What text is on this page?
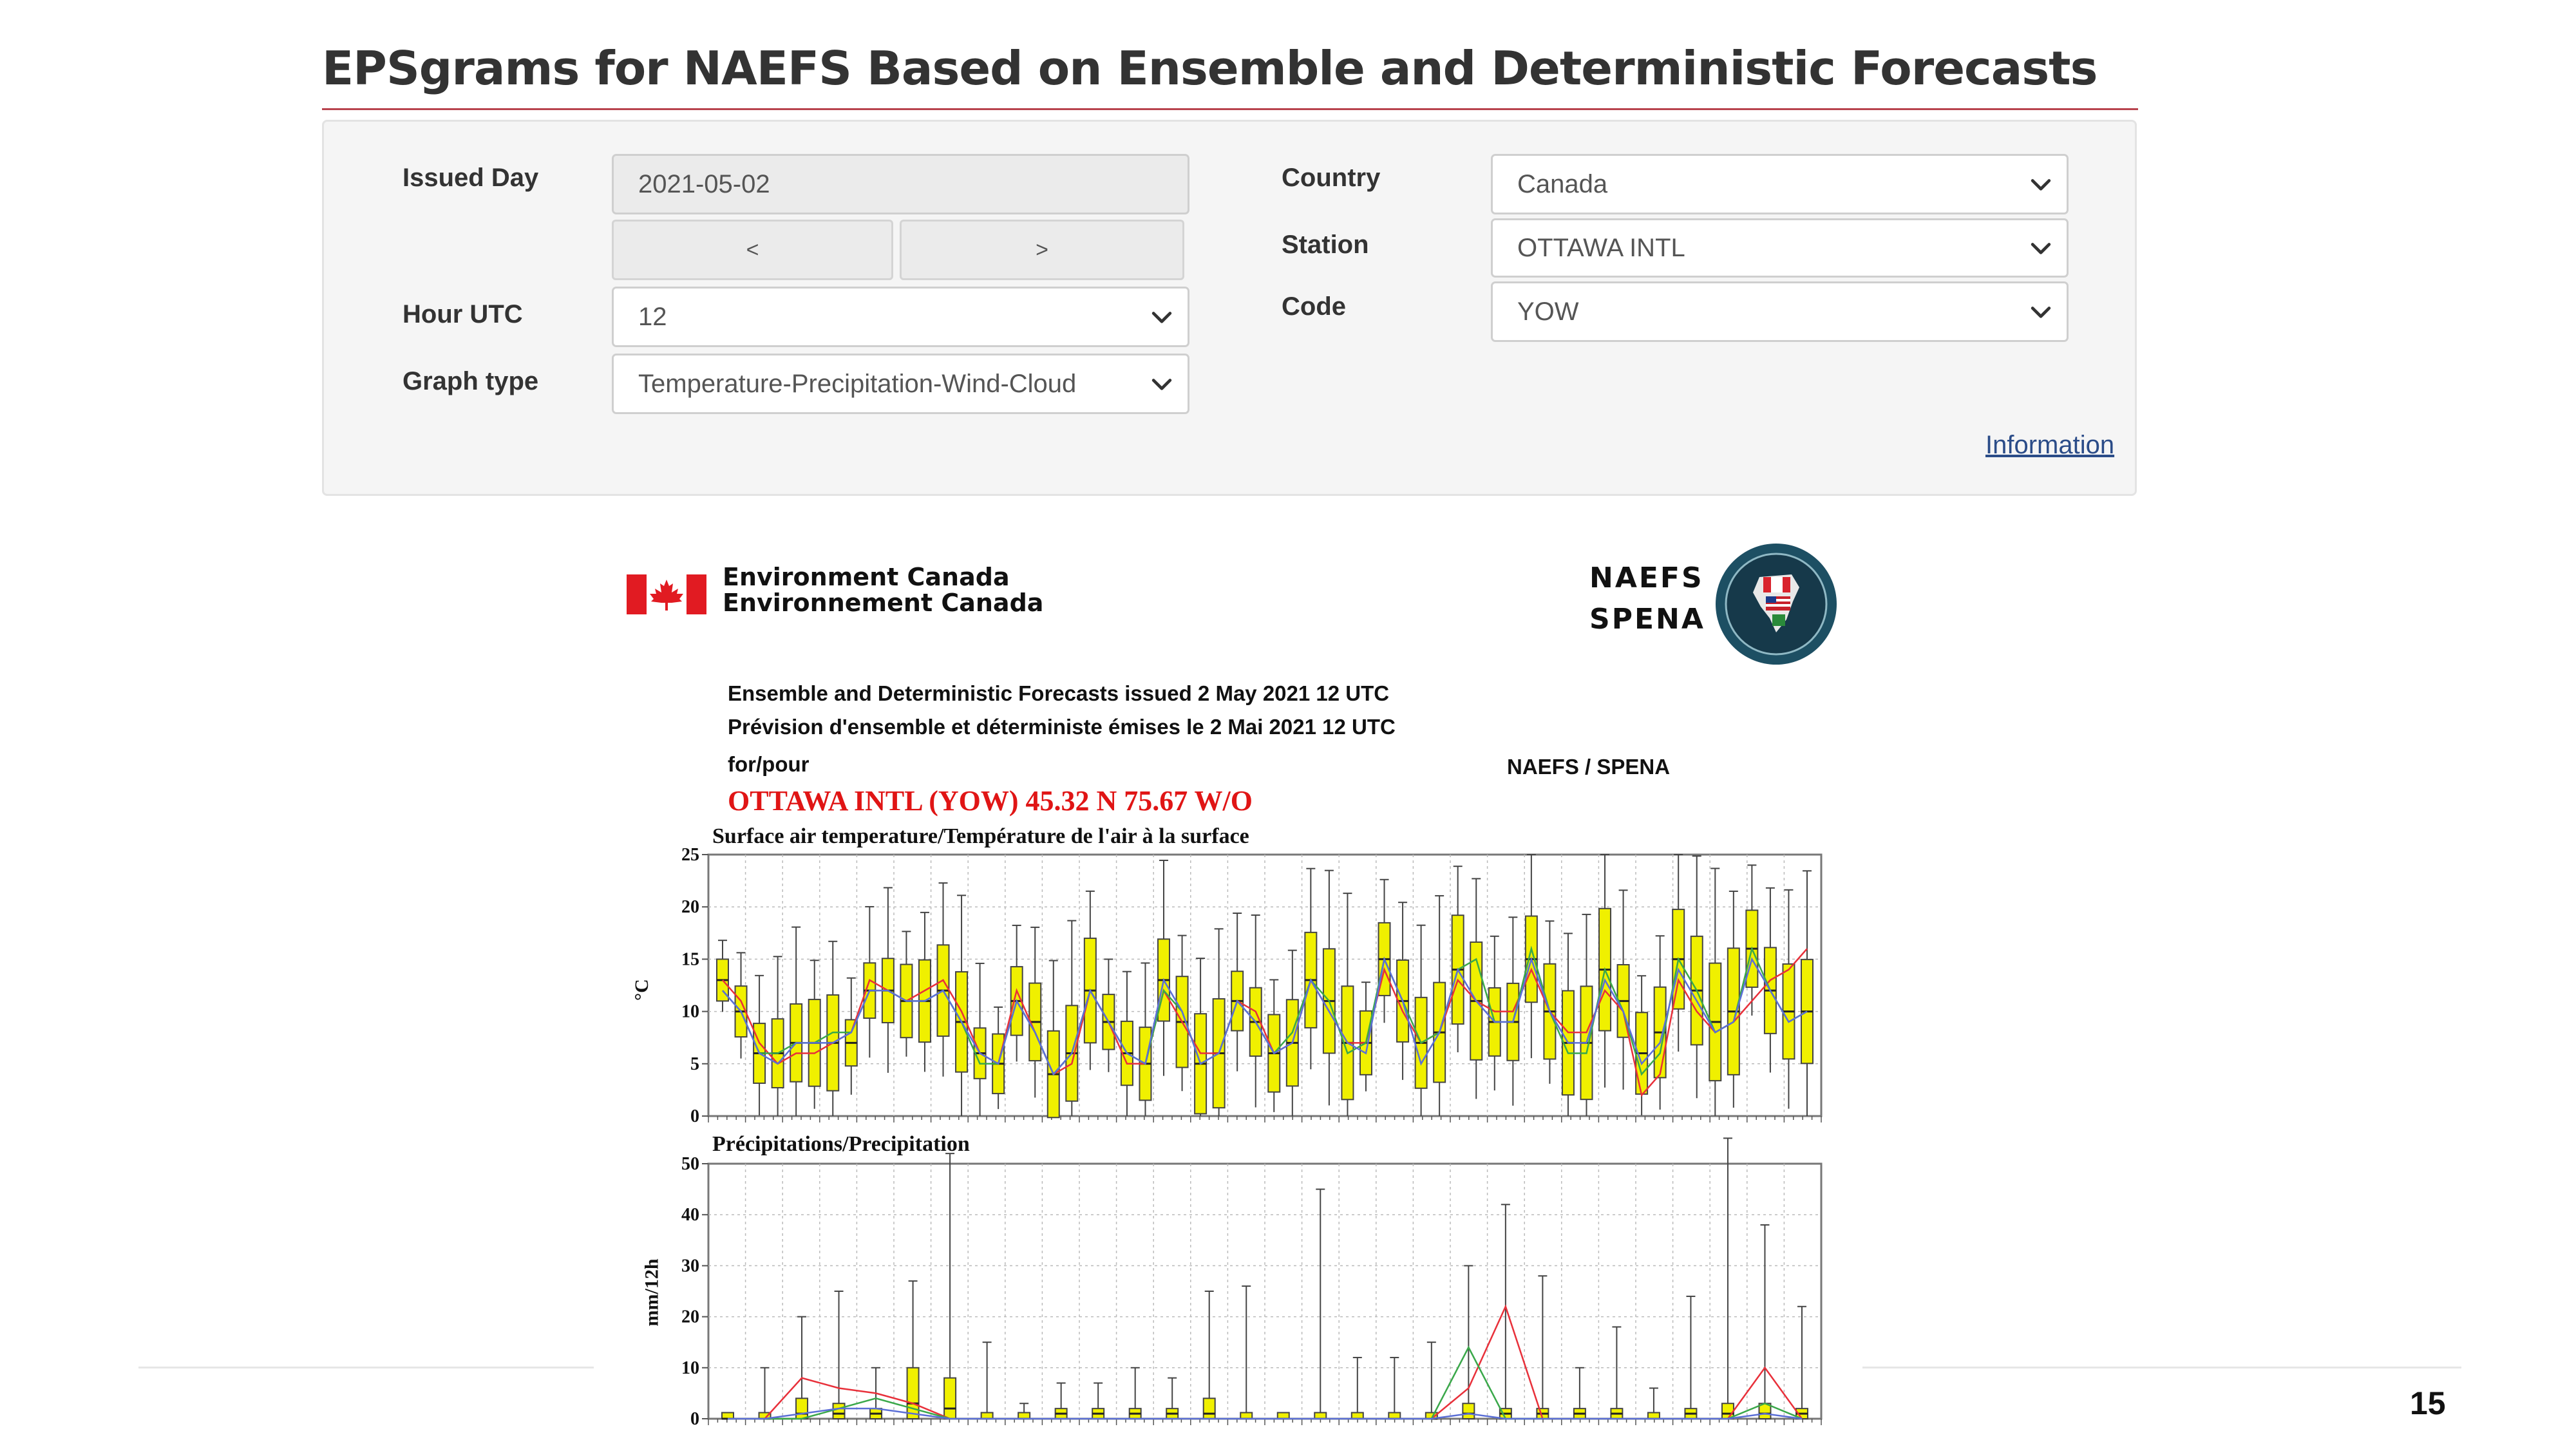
EPSgrams for NAEFS Based on Ensemble and Deterministic Forecasts
Issued Day	2021-05-02
<	>
Hour UTC	12
Graph type	Temperature-Precipitation-Wind-Cloud
Country	Canada
Station	OTTAWA INTL
Code	YOW
Information
Environment Canada
Environnement Canada
NAEFS
SPENA
Ensemble and Deterministic Forecasts issued 2 May 2021 12 UTC
Prévision d'ensemble et déterministe émises le 2 Mai 2021 12 UTC
for/pour	NAEFS / SPENA
OTTAWA INTL (YOW) 45.32 N 75.67 W/O
Surface air temperature/Température de l'air à la surface
°C
0
5
10
15
20
25
Précipitations/Precipitation
mm/12h
0
10
20
30
40
50
15
